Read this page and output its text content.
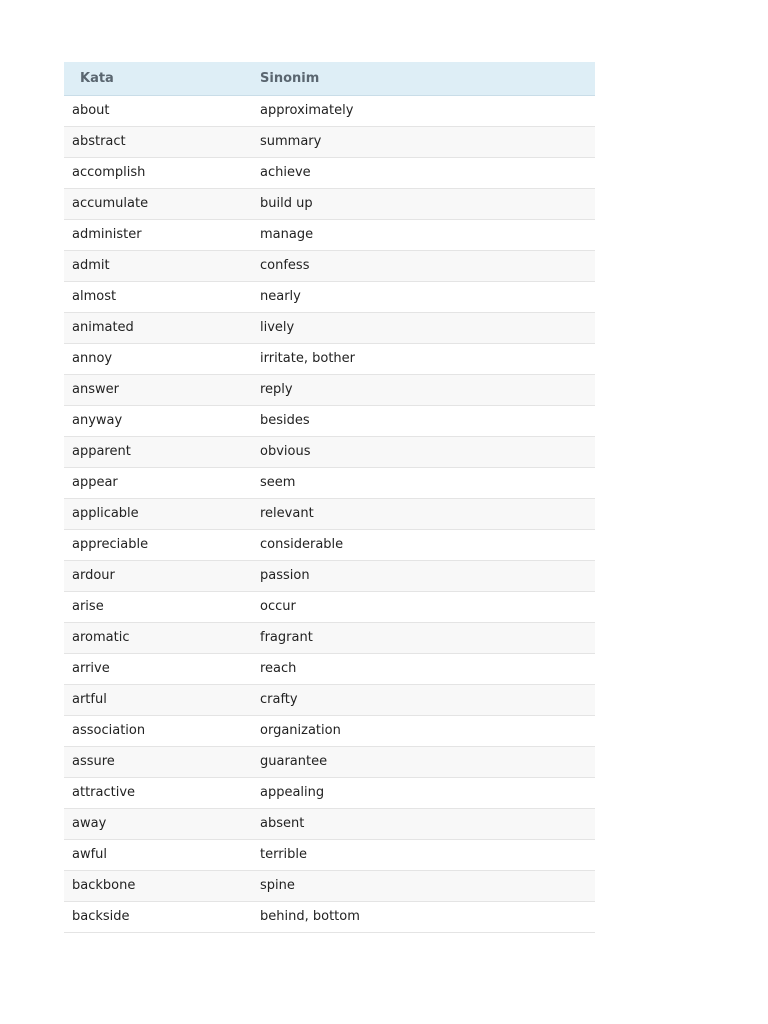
Kata	Sinonim
about	approximately
abstract	summary
accomplish	achieve
accumulate	build up
administer	manage
admit	confess
almost	nearly
animated	lively
annoy	irritate, bother
answer	reply
anyway	besides
apparent	obvious
appear	seem
applicable	relevant
appreciable	considerable
ardour	passion
arise	occur
aromatic	fragrant
arrive	reach
artful	crafty
association	organization
assure	guarantee
attractive	appealing
away	absent
awful	terrible
backbone	spine
backside	behind, bottom
